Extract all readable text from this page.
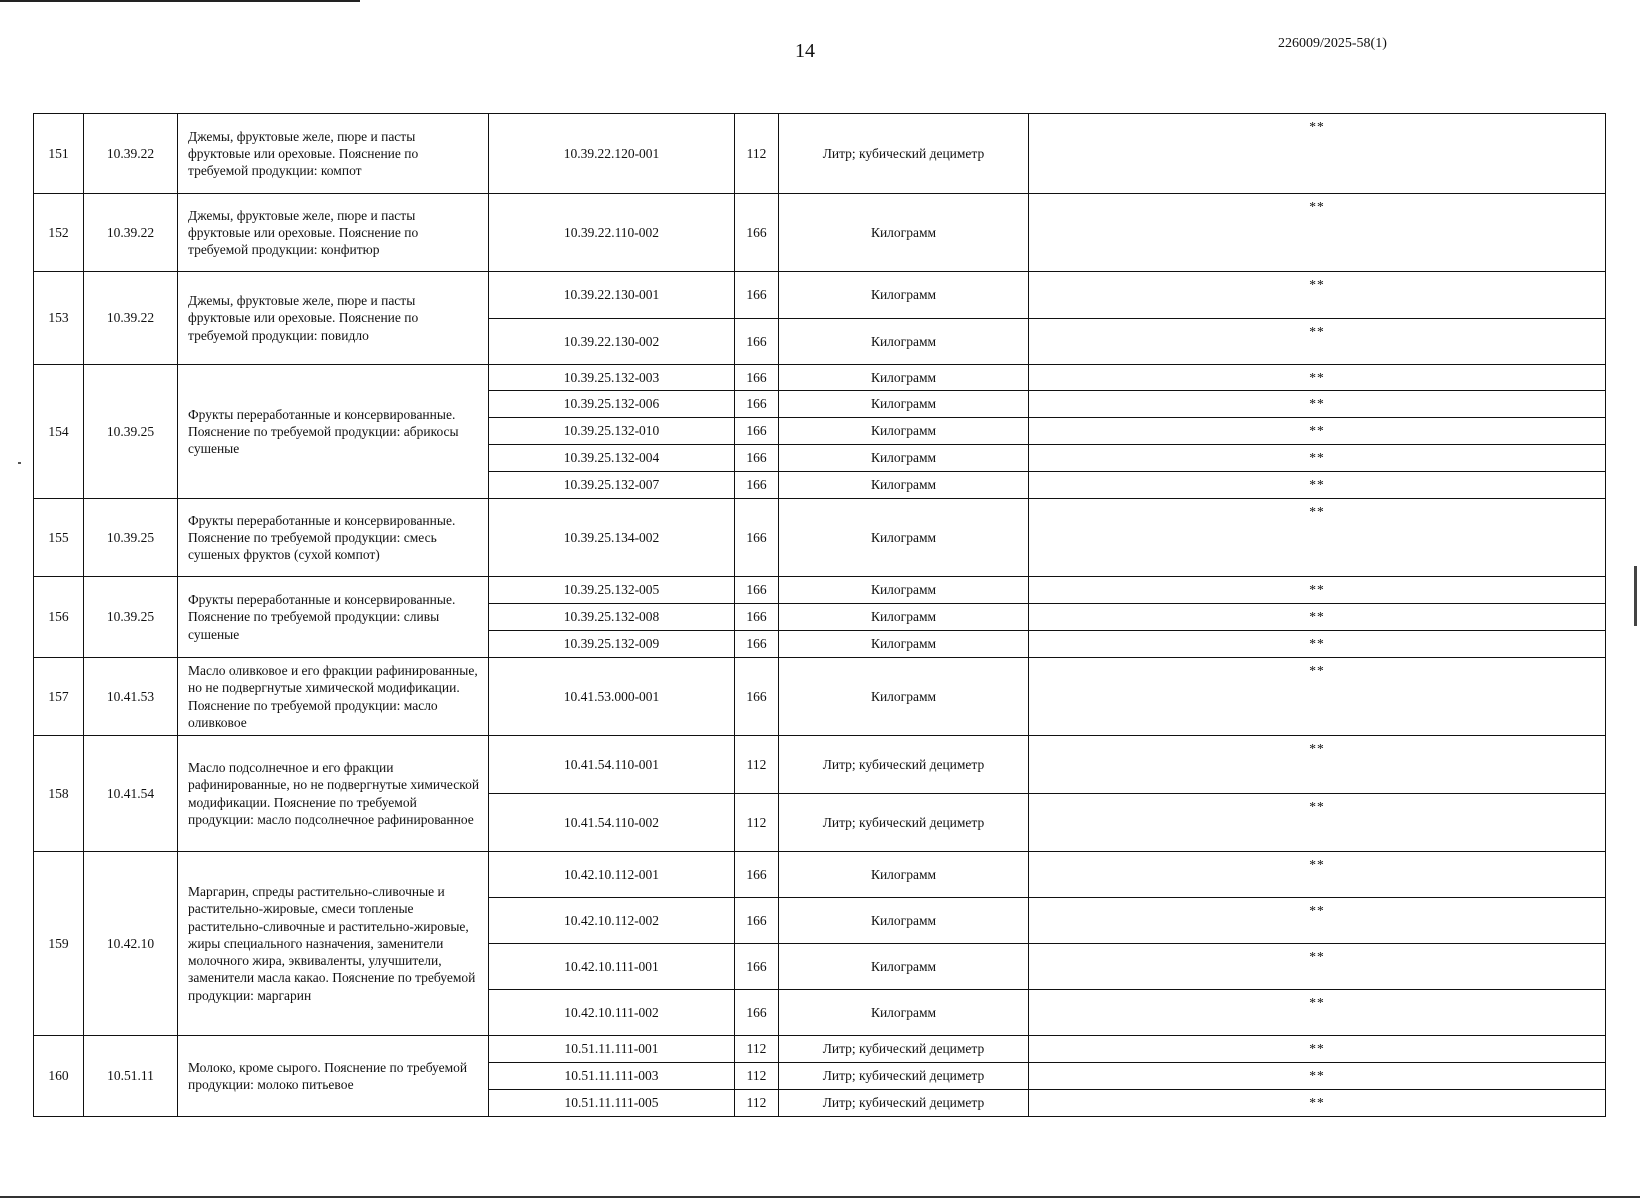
14	226009/2025-58(1)
151	10.39.22	Джемы, фруктовые желе, пюре и пасты фруктовые или ореховые. Пояснение по требуемой продукции: компот	10.39.22.120-001	112	Литр; кубический дециметр	**
152	10.39.22	Джемы, фруктовые желе, пюре и пасты фруктовые или ореховые. Пояснение по требуемой продукции: конфитюр	10.39.22.110-002	166	Килограмм	**
153	10.39.22	Джемы, фруктовые желе, пюре и пасты фруктовые или ореховые. Пояснение по требуемой продукции: повидло	10.39.22.130-001	166	Килограмм	**
			10.39.22.130-002	166	Килограмм	**
154	10.39.25	Фрукты переработанные и консервированные. Пояснение по требуемой продукции: абрикосы сушеные	10.39.25.132-003	166	Килограмм	**
			10.39.25.132-006	166	Килограмм	**
			10.39.25.132-010	166	Килограмм	**
			10.39.25.132-004	166	Килограмм	**
			10.39.25.132-007	166	Килограмм	**
155	10.39.25	Фрукты переработанные и консервированные. Пояснение по требуемой продукции: смесь сушеных фруктов (сухой компот)	10.39.25.134-002	166	Килограмм	**
156	10.39.25	Фрукты переработанные и консервированные. Пояснение по требуемой продукции: сливы сушеные	10.39.25.132-005	166	Килограмм	**
			10.39.25.132-008	166	Килограмм	**
			10.39.25.132-009	166	Килограмм	**
157	10.41.53	Масло оливковое и его фракции рафинированные, но не подвергнутые химической модификации. Пояснение по требуемой продукции: масло оливковое	10.41.53.000-001	166	Килограмм	**
158	10.41.54	Масло подсолнечное и его фракции рафинированные, но не подвергнутые химической модификации. Пояснение по требуемой продукции: масло подсолнечное рафинированное	10.41.54.110-001	112	Литр; кубический дециметр	**
			10.41.54.110-002	112	Литр; кубический дециметр	**
159	10.42.10	Маргарин, спреды растительно-сливочные и растительно-жировые, смеси топленые растительно-сливочные и растительно-жировые, жиры специального назначения, заменители молочного жира, эквиваленты, улучшители, заменители масла какао. Пояснение по требуемой продукции: маргарин	10.42.10.112-001	166	Килограмм	**
			10.42.10.112-002	166	Килограмм	**
			10.42.10.111-001	166	Килограмм	**
			10.42.10.111-002	166	Килограмм	**
160	10.51.11	Молоко, кроме сырого. Пояснение по требуемой продукции: молоко питьевое	10.51.11.111-001	112	Литр; кубический дециметр	**
			10.51.11.111-003	112	Литр; кубический дециметр	**
			10.51.11.111-005	112	Литр; кубический дециметр	**
